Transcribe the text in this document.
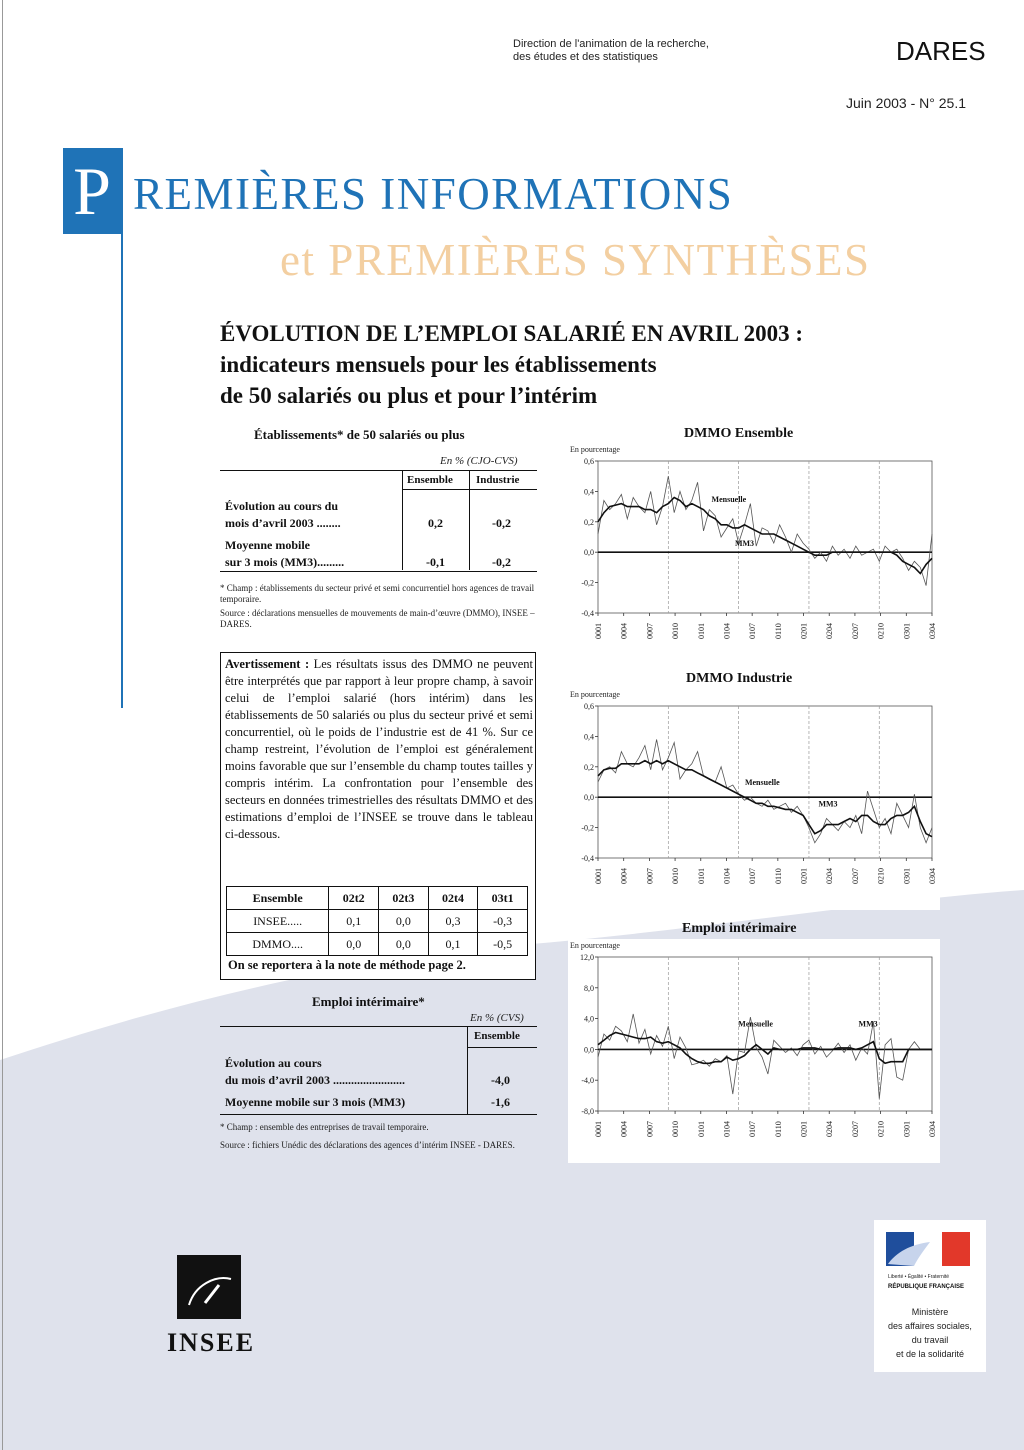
Direction de l'animation de la recherche,
des études et des statistiques	DARES
Juin 2003 - N° 25.1
P REMIÈRES INFORMATIONS
et PREMIÈRES SYNTHÈSES
ÉVOLUTION DE L’EMPLOI SALARIÉ EN AVRIL 2003 :
indicateurs mensuels pour les établissements
de 50 salariés ou plus et pour l’intérim
Établissements* de 50 salariés ou plus
En % (CJO-CVS)
Ensemble Industrie
Évolution au cours du
mois d’avril 2003 ........	0,2	-0,2
Moyenne mobile
sur 3 mois (MM3).........	-0,1	-0,2
* Champ : établissements du secteur privé et semi concurrentiel hors agences de travail temporaire.
Source : déclarations mensuelles de mouvements de main-d’œuvre (DMMO), INSEE – DARES.
Avertissement : Les résultats issus des DMMO ne peuvent être interprétés que par rapport à leur propre champ, à savoir celui de l’emploi salarié (hors intérim) dans les établissements de 50 salariés ou plus du secteur privé et semi concurrentiel, où le poids de l’industrie est de 41 %. Sur ce champ restreint, l’évolution de l’emploi est généralement moins favorable que sur l’ensemble du champ toutes tailles y compris intérim. La confrontation pour l’ensemble des secteurs en données trimestrielles des résultats DMMO et des estimations d’emploi de l’INSEE se trouve dans le tableau ci-dessous.
Ensemble	02t2	02t3	02t4	03t1
INSEE.....	0,1	0,0	0,3	-0,3
DMMO....	0,0	0,0	0,1	-0,5
On se reportera à la note de méthode page 2.
Emploi intérimaire*
En % (CVS)
Ensemble
Évolution au cours
du mois d’avril 2003 ........................	-4,0
Moyenne mobile sur 3 mois (MM3)	-1,6
* Champ : ensemble des entreprises de travail temporaire.
Source : fichiers Unédic des déclarations des agences d’intérim INSEE - DARES.
DMMO Ensemble
En pourcentage
0,6
0,4
0,2
0,0
-0,2
-0,4
0001 0004 0007 0010 0101 0104 0107 0110 0201 0204 0207 0210 0301 0304
Mensuelle
MM3
DMMO Industrie
En pourcentage
0,6
0,4
0,2
0,0
-0,2
-0,4
0001 0004 0007 0010 0101 0104 0107 0110 0201 0204 0207 0210 0301 0304
Mensuelle
MM3
Emploi intérimaire
En pourcentage
12,0
8,0
4,0
0,0
-4,0
-8,0
0001 0004 0007 0010 0101 0104 0107 0110 0201 0204 0207 0210 0301 0304
Mensuelle	MM3
INSEE
Liberté • Égalité • Fraternité
RÉPUBLIQUE FRANÇAISE
Ministère
des affaires sociales,
du travail
et de la solidarité
